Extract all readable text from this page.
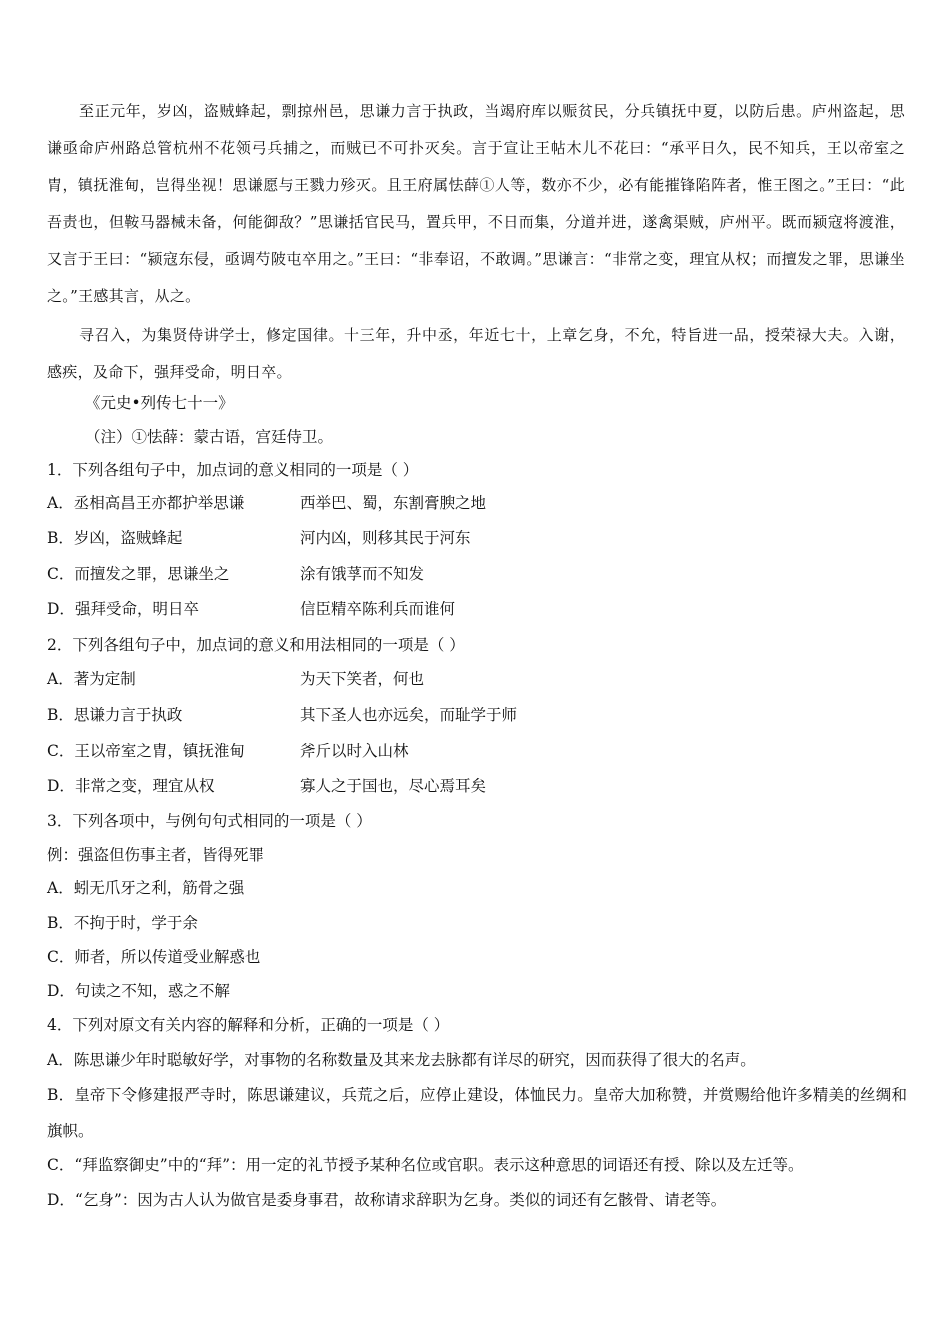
至正元年，岁凶，盗贼蜂起，剽掠州邑，思谦力言于执政，当竭府库以赈贫民，分兵镇抚中夏，以防后患。庐州盗起，思谦亟命庐州路总管杭州不花领弓兵捕之，而贼已不可扑灭矣。言于宣让王帖木儿不花曰：“承平日久，民不知兵，王以帝室之胄，镇抚淮甸，岂得坐视！思谦愿与王戮力殄灭。且王府属怯薛①人等，数亦不少，必有能摧锋陷阵者，惟王图之。”王曰：“此吾责也，但鞍马器械未备，何能御敌？”思谦括官民马，置兵甲，不日而集，分道并进，遂禽渠贼，庐州平。既而颍寇将渡淮，又言于王曰：“颍寇东侵，亟调芍陂屯卒用之。”王曰：“非奉诏，不敢调。”思谦言：“非常之变，理宜从权；而擅发之罪，思谦坐之。”王感其言，从之。
寻召入，为集贤侍讲学士，修定国律。十三年，升中丞，年近七十，上章乞身，不允，特旨进一品，授荣禄大夫。入谢，感疾，及命下，强拜受命，明日卒。
《元史•列传七十一》
（注）①怯薛：蒙古语，宫廷侍卫。
1．下列各组句子中，加点词的意义相同的一项是（ ）
A．丞相高昌王亦都护举思谦	西举巴、蜀，东割膏腴之地
B．岁凶，盗贼蜂起	河内凶，则移其民于河东
C．而擅发之罪，思谦坐之	涂有饿莩而不知发
D．强拜受命，明日卒	信臣精卒陈利兵而谁何
2．下列各组句子中，加点词的意义和用法相同的一项是（ ）
A．著为定制	为天下笑者，何也
B．思谦力言于执政	其下圣人也亦远矣，而耻学于师
C．王以帝室之胄，镇抚淮甸	斧斤以时入山林
D．非常之变，理宜从权	寡人之于国也，尽心焉耳矣
3．下列各项中，与例句句式相同的一项是（ ）
例：强盗但伤事主者，皆得死罪
A．蚓无爪牙之利，筋骨之强
B．不拘于时，学于余
C．师者，所以传道受业解惑也
D．句读之不知，惑之不解
4．下列对原文有关内容的解释和分析，正确的一项是（ ）
A．陈思谦少年时聪敏好学，对事物的名称数量及其来龙去脉都有详尽的研究，因而获得了很大的名声。
B．皇帝下令修建报严寺时，陈思谦建议，兵荒之后，应停止建设，体恤民力。皇帝大加称赞，并赏赐给他许多精美的丝绸和旗帜。
C．“拜监察御史”中的“拜”：用一定的礼节授予某种名位或官职。表示这种意思的词语还有授、除以及左迁等。
D．“乞身”：因为古人认为做官是委身事君，故称请求辞职为乞身。类似的词还有乞骸骨、请老等。
